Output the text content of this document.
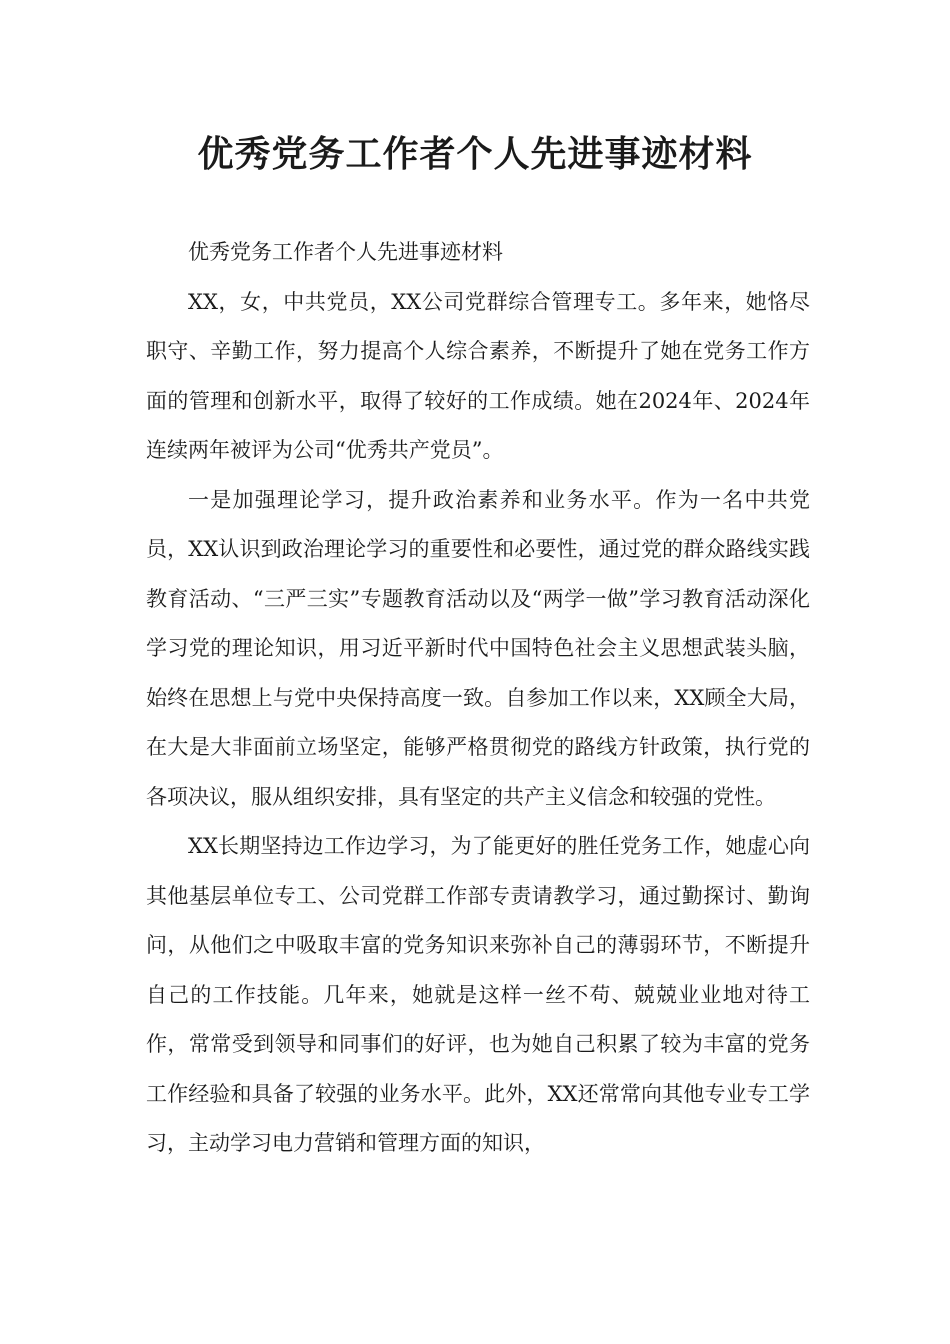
优秀党务工作者个人先进事迹材料

优秀党务工作者个人先进事迹材料

XX，女，中共党员，XX公司党群综合管理专工。多年来，她恪尽职守、辛勤工作，努力提高个人综合素养，不断提升了她在党务工作方面的管理和创新水平，取得了较好的工作成绩。她在2024年、2024年连续两年被评为公司“优秀共产党员”。

一是加强理论学习，提升政治素养和业务水平。作为一名中共党员，XX认识到政治理论学习的重要性和必要性，通过党的群众路线实践教育活动、“三严三实”专题教育活动以及“两学一做”学习教育活动深化学习党的理论知识，用习近平新时代中国特色社会主义思想武装头脑，始终在思想上与党中央保持高度一致。自参加工作以来，XX顾全大局，在大是大非面前立场坚定，能够严格贯彻党的路线方针政策，执行党的各项决议，服从组织安排，具有坚定的共产主义信念和较强的党性。

XX长期坚持边工作边学习，为了能更好的胜任党务工作，她虚心向其他基层单位专工、公司党群工作部专责请教学习，通过勤探讨、勤询问，从他们之中吸取丰富的党务知识来弥补自己的薄弱环节，不断提升自己的工作技能。几年来，她就是这样一丝不苟、兢兢业业地对待工作，常常受到领导和同事们的好评，也为她自己积累了较为丰富的党务工作经验和具备了较强的业务水平。此外，XX还常常向其他专业专工学习，主动学习电力营销和管理方面的知识，
